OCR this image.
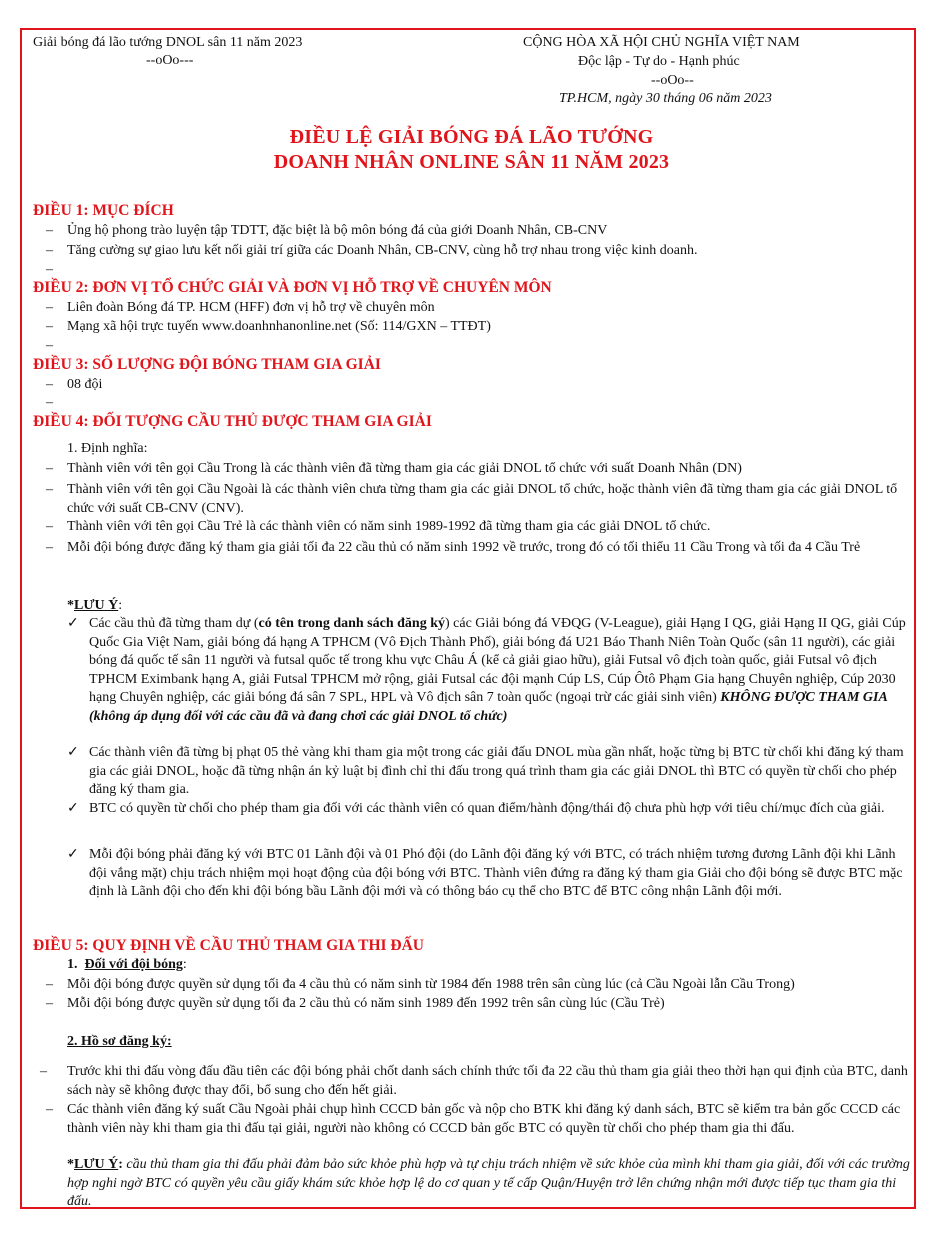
Giải bóng đá lão tướng DNOL sân 11 năm 2023
--oOo---
CỘNG HÒA XÃ HỘI CHỦ NGHĨA VIỆT NAM
Độc lập - Tự do - Hạnh phúc
--oOo--
TP.HCM, ngày 30 tháng 06 năm 2023
ĐIỀU LỆ GIẢI BÓNG ĐÁ LÃO TƯỚNG
DOANH NHÂN ONLINE SÂN 11 NĂM 2023
ĐIỀU 1: MỤC ĐÍCH
– Ủng hộ phong trào luyện tập TDTT, đặc biệt là bộ môn bóng đá của giới Doanh Nhân, CB-CNV
– Tăng cường sự giao lưu kết nối giải trí giữa các Doanh Nhân, CB-CNV, cùng hỗ trợ nhau trong việc kinh doanh.
–
ĐIỀU 2: ĐƠN VỊ TỔ CHỨC GIẢI VÀ ĐƠN VỊ HỖ TRỢ VỀ CHUYÊN MÔN
– Liên đoàn Bóng đá TP. HCM (HFF) đơn vị hỗ trợ về chuyên môn
– Mạng xã hội trực tuyến www.doanhnhanonline.net (Số: 114/GXN – TTĐT)
–
ĐIỀU 3: SỐ LƯỢNG ĐỘI BÓNG THAM GIA GIẢI
– 08 đội
–
ĐIỀU 4: ĐỐI TƯỢNG CẦU THỦ ĐƯỢC THAM GIA GIẢI
1. Định nghĩa:
– Thành viên với tên gọi Cầu Trong là các thành viên đã từng tham gia các giải DNOL tổ chức với suất Doanh Nhân (DN)
– Thành viên với tên gọi Cầu Ngoài là các thành viên chưa từng tham gia các giải DNOL tổ chức, hoặc thành viên đã từng tham gia các giải DNOL tổ chức với suất CB-CNV (CNV).
– Thành viên với tên gọi Cầu Trẻ là các thành viên có năm sinh 1989-1992 đã từng tham gia các giải DNOL tổ chức.
– Mỗi đội bóng được đăng ký tham gia giải tối đa 22 cầu thủ có năm sinh 1992 về trước, trong đó có tối thiểu 11 Cầu Trong và tối đa 4 Cầu Trẻ
*LƯU Ý:
✓ Các cầu thủ đã từng tham dự (có tên trong danh sách đăng ký) các Giải bóng đá VĐQG (V-League), giải Hạng I QG, giải Hạng II QG, giải Cúp Quốc Gia Việt Nam, giải bóng đá hạng A TPHCM (Vô Địch Thành Phố), giải bóng đá U21 Báo Thanh Niên Toàn Quốc (sân 11 người), các giải bóng đá quốc tế sân 11 người và futsal quốc tế trong khu vực Châu Á (kể cả giải giao hữu), giải Futsal vô địch toàn quốc, giải Futsal vô địch TPHCM Eximbank hạng A, giải Futsal TPHCM mở rộng, giải Futsal các đội mạnh Cúp LS, Cúp Ôtô Phạm Gia hạng Chuyên nghiệp, Cúp 2030 hạng Chuyên nghiệp, các giải bóng đá sân 7 SPL, HPL và Vô địch sân 7 toàn quốc (ngoại trừ các giải sinh viên) KHÔNG ĐƯỢC THAM GIA (không áp dụng đối với các cầu đã và đang chơi các giải DNOL tổ chức)
✓ Các thành viên đã từng bị phạt 05 thẻ vàng khi tham gia một trong các giải đấu DNOL mùa gần nhất, hoặc từng bị BTC từ chối khi đăng ký tham gia các giải DNOL, hoặc đã từng nhận án kỷ luật bị đình chỉ thi đấu trong quá trình tham gia các giải DNOL thì BTC có quyền từ chối cho phép đăng ký tham gia.
✓ BTC có quyền từ chối cho phép tham gia đối với các thành viên có quan điểm/hành động/thái độ chưa phù hợp với tiêu chí/mục đích của giải.
✓ Mỗi đội bóng phải đăng ký với BTC 01 Lãnh đội và 01 Phó đội (do Lãnh đội đăng ký với BTC, có trách nhiệm tương đương Lãnh đội khi Lãnh đội vắng mặt) chịu trách nhiệm mọi hoạt động của đội bóng với BTC. Thành viên đứng ra đăng ký tham gia Giải cho đội bóng sẽ được BTC mặc định là Lãnh đội cho đến khi đội bóng bầu Lãnh đội mới và có thông báo cụ thể cho BTC để BTC công nhận Lãnh đội mới.
ĐIỀU 5: QUY ĐỊNH VỀ CẦU THỦ THAM GIA THI ĐẤU
1. Đối với đội bóng:
– Mỗi đội bóng được quyền sử dụng tối đa 4 cầu thủ có năm sinh từ 1984 đến 1988 trên sân cùng lúc (cả Cầu Ngoài lẫn Cầu Trong)
– Mỗi đội bóng được quyền sử dụng tối đa 2 cầu thủ có năm sinh 1989 đến 1992 trên sân cùng lúc (Cầu Trẻ)
2. Hồ sơ đăng ký:
– Trước khi thi đấu vòng đấu đầu tiên các đội bóng phải chốt danh sách chính thức tối đa 22 cầu thủ tham gia giải theo thời hạn qui định của BTC, danh sách này sẽ không được thay đổi, bổ sung cho đến hết giải.
– Các thành viên đăng ký suất Cầu Ngoài phải chụp hình CCCD bản gốc và nộp cho BTK khi đăng ký danh sách, BTC sẽ kiểm tra bản gốc CCCD các thành viên này khi tham gia thi đấu tại giải, người nào không có CCCD bản gốc BTC có quyền từ chối cho phép tham gia thi đấu.
*LƯU Ý: cầu thủ tham gia thi đấu phải đảm bảo sức khỏe phù hợp và tự chịu trách nhiệm về sức khỏe của mình khi tham gia giải, đối với các trường hợp nghi ngờ BTC có quyền yêu cầu giấy khám sức khỏe hợp lệ do cơ quan y tế cấp Quận/Huyện trở lên chứng nhận mới được tiếp tục tham gia thi đấu.
